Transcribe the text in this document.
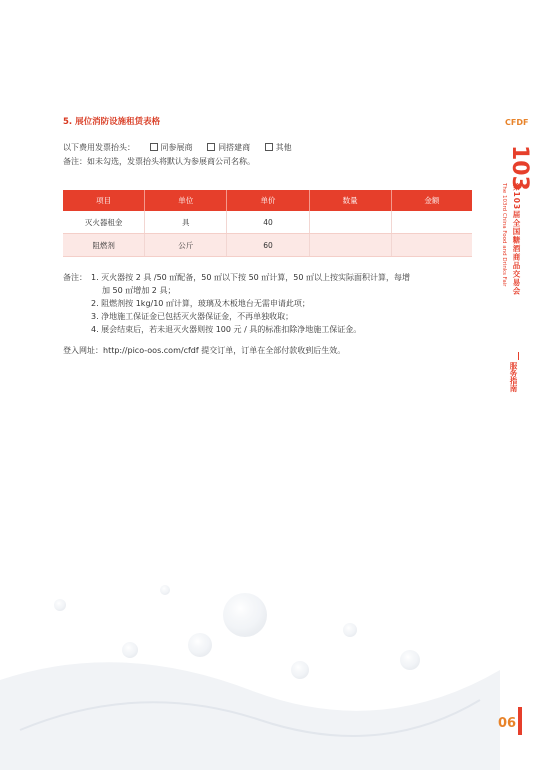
5. 展位消防设施租赁表格
以下费用发票抬头：	同参展商	同搭建商	其他
备注：如未勾选，发票抬头将默认为参展商公司名称。
项目	单位	单价	数量	金额
灭火器租金	具	40		
阻燃剂	公斤	60		
备注： 1. 灭火器按 2 具 /50 ㎡配备，50 ㎡以下按 50 ㎡计算，50 ㎡以上按实际面积计算，每增
加 50 ㎡增加 2 具；
2. 阻燃剂按 1kg/10 ㎡计算，玻璃及木板地台无需申请此项；
3. 净地施工保证金已包括灭火器保证金，不再单独收取；
4. 展会结束后，若未退灭火器则按 100 元 / 具的标准扣除净地施工保证金。
登入网址：http://pico-oos.com/cfdf 提交订单，订单在全部付款收到后生效。
CFDF
103
The 103rd China Food and Drinks Fair 第103届全国糖酒商品交易会
服务指南
06
